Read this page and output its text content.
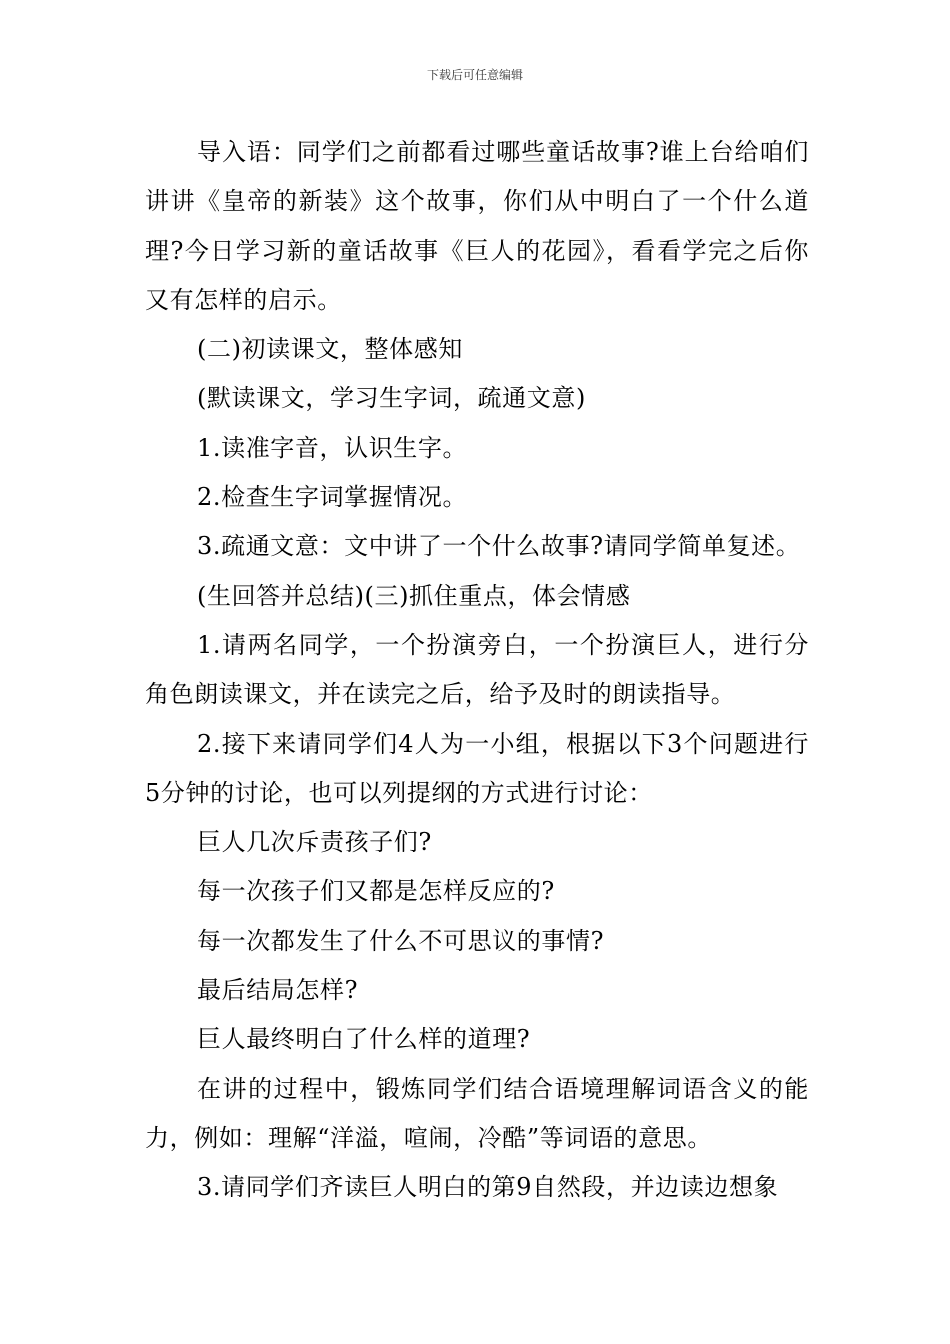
下载后可任意编辑

导入语：同学们之前都看过哪些童话故事?谁上台给咱们讲讲《皇帝的新装》这个故事，你们从中明白了一个什么道理?今日学习新的童话故事《巨人的花园》，看看学完之后你又有怎样的启示。

(二)初读课文，整体感知

(默读课文，学习生字词，疏通文意)

1.读准字音，认识生字。

2.检查生字词掌握情况。

3.疏通文意：文中讲了一个什么故事?请同学简单复述。

(生回答并总结)(三)抓住重点，体会情感

1.请两名同学，一个扮演旁白，一个扮演巨人，进行分角色朗读课文，并在读完之后，给予及时的朗读指导。

2.接下来请同学们4人为一小组，根据以下3个问题进行5分钟的讨论，也可以列提纲的方式进行讨论：

巨人几次斥责孩子们?

每一次孩子们又都是怎样反应的?

每一次都发生了什么不可思议的事情?

最后结局怎样?

巨人最终明白了什么样的道理?

在讲的过程中，锻炼同学们结合语境理解词语含义的能力，例如：理解“洋溢，喧闹，冷酷”等词语的意思。

3.请同学们齐读巨人明白的第9自然段，并边读边想象
